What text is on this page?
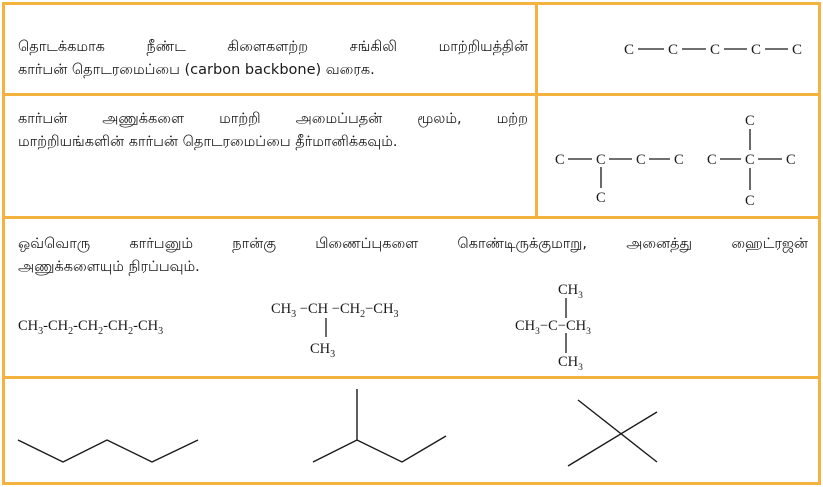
தொடக்கமாக நீண்ட கிளைகளற்ற சங்கிலி மாற்றியத்தின்
கார்பன் தொடரமைப்பை (carbon backbone) வரைக.
கார்பன் அணுக்களை மாற்றி அமைப்பதன் மூலம், மற்ற
மாற்றியங்களின் கார்பன் தொடரமைப்பை தீர்மானிக்கவும்.
ஒவ்வொரு கார்பனும் நான்கு பிணைப்புகளை கொண்டிருக்குமாறு, அனைத்து ஹைட்ரஜன்
அணுக்களையும் நிரப்பவும்.
C C C C C
C C C C
C
C C C
C
C
$CH_3-CH_2-CH_2-CH_2-CH_3$
$CH_3 -CH -CH_2-CH_3$
$CH_3$
$CH_3$
$CH_3-C-CH_3$
$CH_3$
